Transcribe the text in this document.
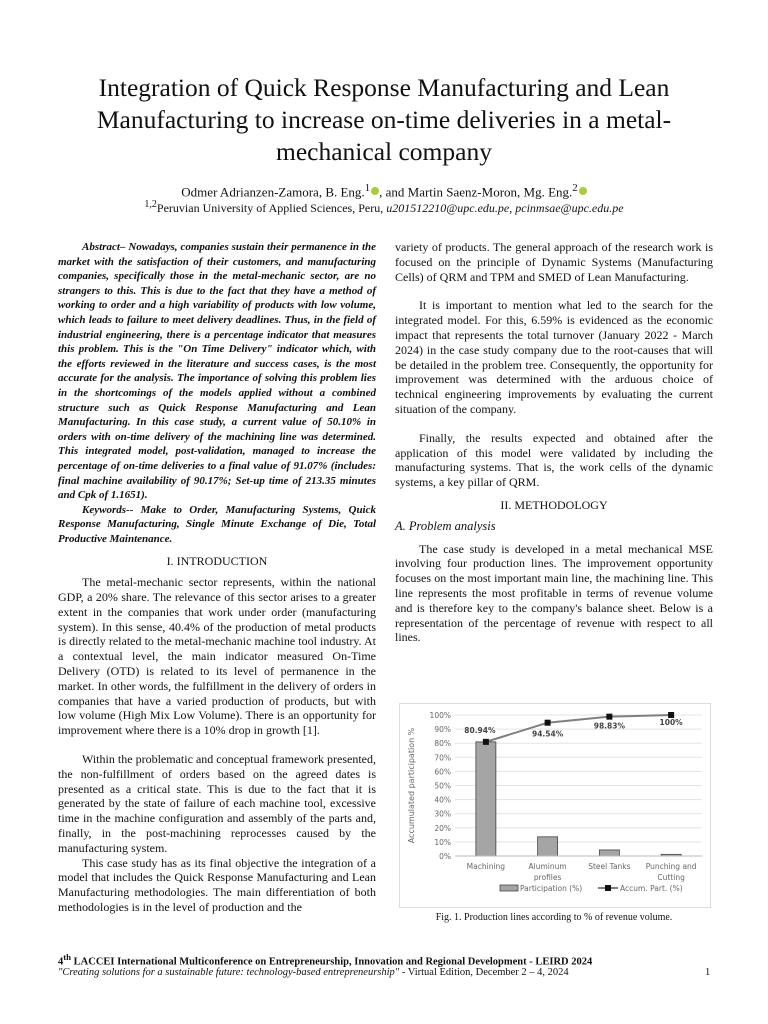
Integration of Quick Response Manufacturing and Lean Manufacturing to increase on-time deliveries in a metal-mechanical company
Odmer Adrianzen-Zamora, B. Eng.$^1$ , and Martin Saenz-Moron, Mg. Eng.$^2$
$^{1,2}$Peruvian University of Applied Sciences, Peru, u201512210@upc.edu.pe, pcinmsae@upc.edu.pe

Abstract– Nowadays, companies sustain their permanence in the market with the satisfaction of their customers, and manufacturing companies, specifically those in the metal-mechanic sector, are no strangers to this. This is due to the fact that they have a method of working to order and a high variability of products with low volume, which leads to failure to meet delivery deadlines. Thus, in the field of industrial engineering, there is a percentage indicator that measures this problem. This is the "On Time Delivery" indicator which, with the efforts reviewed in the literature and success cases, is the most accurate for the analysis. The importance of solving this problem lies in the shortcomings of the models applied without a combined structure such as Quick Response Manufacturing and Lean Manufacturing. In this case study, a current value of 50.10% in orders with on-time delivery of the machining line was determined. This integrated model, post-validation, managed to increase the percentage of on-time deliveries to a final value of 91.07% (includes: final machine availability of 90.17%; Set-up time of 213.35 minutes and Cpk of 1.1651).

Keywords-- Make to Order, Manufacturing Systems, Quick Response Manufacturing, Single Minute Exchange of Die, Total Productive Maintenance.

I. INTRODUCTION

The metal-mechanic sector represents, within the national GDP, a 20% share. The relevance of this sector arises to a greater extent in the companies that work under order (manufacturing system). In this sense, 40.4% of the production of metal products is directly related to the metal-mechanic machine tool industry. At a contextual level, the main indicator measured On-Time Delivery (OTD) is related to its level of permanence in the market. In other words, the fulfillment in the delivery of orders in companies that have a varied production of products, but with low volume (High Mix Low Volume). There is an opportunity for improvement where there is a 10% drop in growth [1].

Within the problematic and conceptual framework presented, the non-fulfillment of orders based on the agreed dates is presented as a critical state. This is due to the fact that it is generated by the state of failure of each machine tool, excessive time in the machine configuration and assembly of the parts and, finally, in the post-machining reprocesses caused by the manufacturing system.

This case study has as its final objective the integration of a model that includes the Quick Response Manufacturing and Lean Manufacturing methodologies. The main differentiation of both methodologies is in the level of production and the

variety of products. The general approach of the research work is focused on the principle of Dynamic Systems (Manufacturing Cells) of QRM and TPM and SMED of Lean Manufacturing.

It is important to mention what led to the search for the integrated model. For this, 6.59% is evidenced as the economic impact that represents the total turnover (January 2022 - March 2024) in the case study company due to the root-causes that will be detailed in the problem tree. Consequently, the opportunity for improvement was determined with the arduous choice of technical engineering improvements by evaluating the current situation of the company.

Finally, the results expected and obtained after the application of this model were validated by including the manufacturing systems. That is, the work cells of the dynamic systems, a key pillar of QRM.

II. METHODOLOGY
A. Problem analysis

The case study is developed in a metal mechanical MSE involving four production lines. The improvement opportunity focuses on the most important main line, the machining line. This line represents the most profitable in terms of revenue volume and is therefore key to the company's balance sheet. Below is a representation of the percentage of revenue with respect to all lines.

0%
10%
20%
30%
40%
50%
60%
70%
80%
90%
100%
Accumulated participation %
Machining	Aluminum
profiles
Steel Tanks Punching and
Cutting
80.94%	94.54%
98.83%	100%
Participation (%)	Accum. Part. (%)
Fig. 1. Production lines according to % of revenue volume.
4th LACCEI International Multiconference on Entrepreneurship, Innovation and Regional Development - LEIRD 2024
"Creating solutions for a sustainable future: technology-based entrepreneurship" - Virtual Edition, December 2 – 4, 2024	1
